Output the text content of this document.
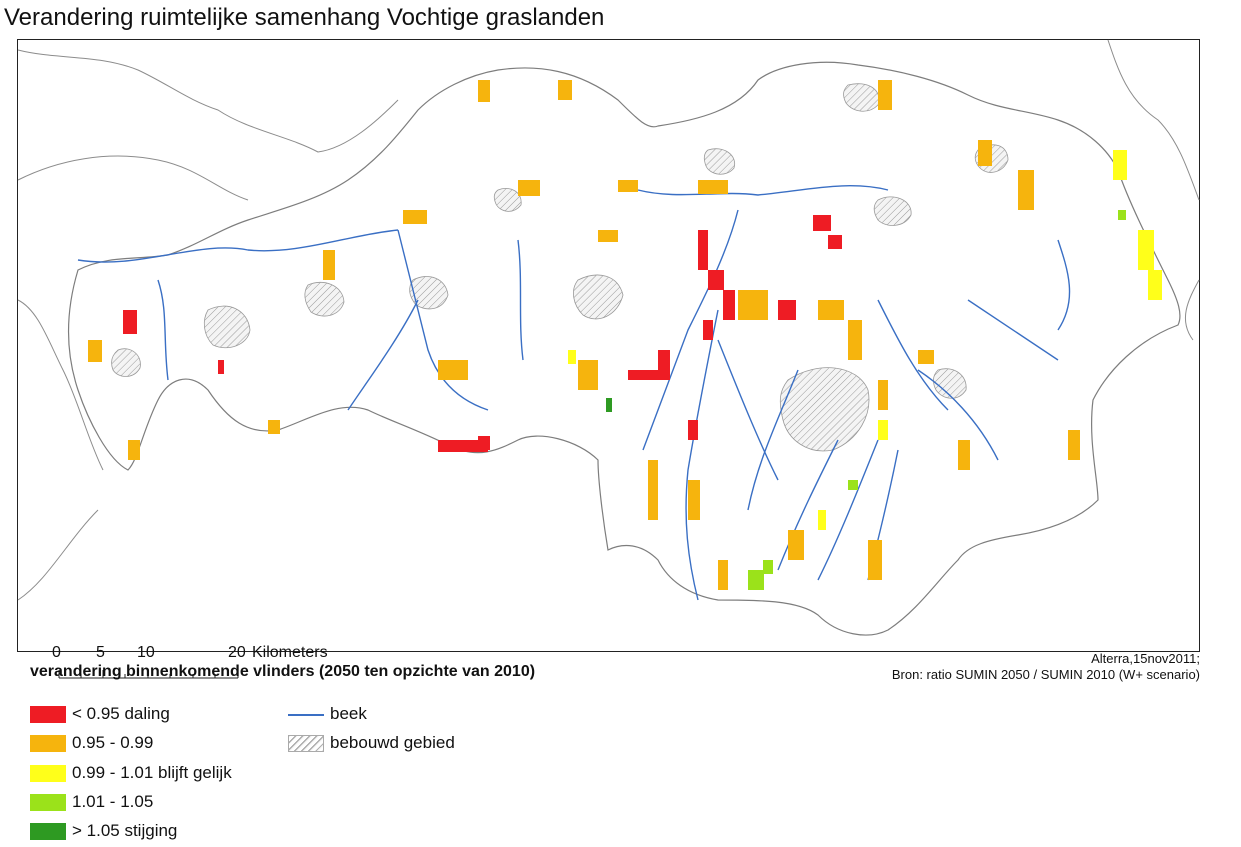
Verandering ruimtelijke samenhang Vochtige graslanden
0 5 10	20 Kilometers
verandering binnenkomende vlinders (2050 ten opzichte van 2010)
Alterra,15nov2011;
Bron: ratio SUMIN 2050 / SUMIN 2010 (W+ scenario)
< 0.95 daling
0.95 - 0.99
0.99 - 1.01 blijft gelijk
1.01 - 1.05
> 1.05 stijging
beek
bebouwd gebied
